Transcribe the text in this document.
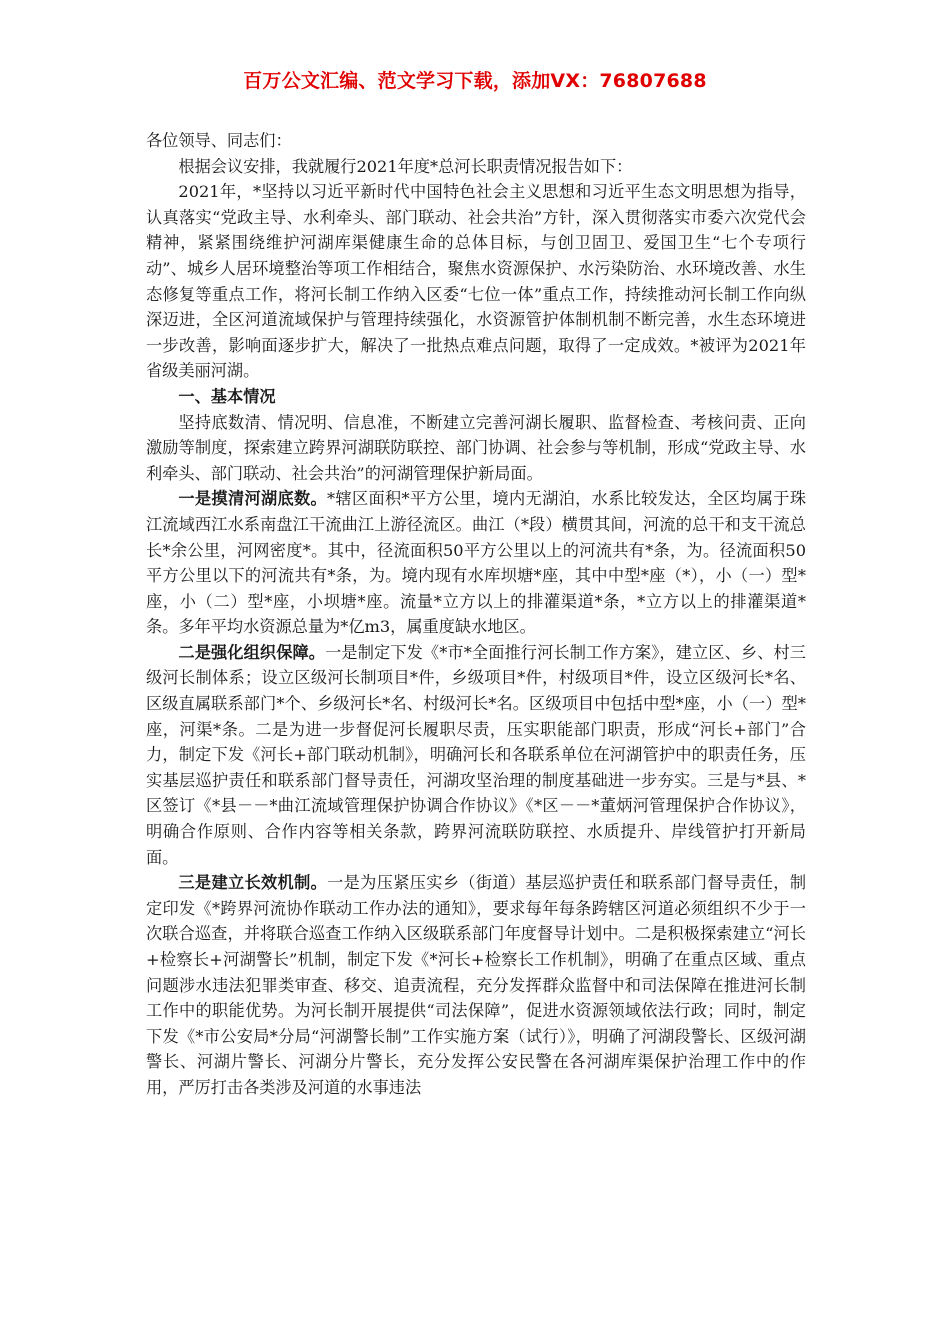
百万公文汇编、范文学习下载，添加VX：76807688

各位领导、同志们：

根据会议安排，我就履行2021年度*总河长职责情况报告如下：

2021年，*坚持以习近平新时代中国特色社会主义思想和习近平生态文明思想为指导，认真落实“党政主导、水利牵头、部门联动、社会共治”方针，深入贯彻落实市委六次党代会精神，紧紧围绕维护河湖库渠健康生命的总体目标，与创卫固卫、爱国卫生“七个专项行动”、城乡人居环境整治等项工作相结合，聚焦水资源保护、水污染防治、水环境改善、水生态修复等重点工作，将河长制工作纳入区委“七位一体”重点工作，持续推动河长制工作向纵深迈进，全区河道流域保护与管理持续强化，水资源管护体制机制不断完善，水生态环境进一步改善，影响面逐步扩大，解决了一批热点难点问题，取得了一定成效。*被评为2021年省级美丽河湖。

一、基本情况

坚持底数清、情况明、信息准，不断建立完善河湖长履职、监督检查、考核问责、正向激励等制度，探索建立跨界河湖联防联控、部门协调、社会参与等机制，形成“党政主导、水利牵头、部门联动、社会共治”的河湖管理保护新局面。

一是摸清河湖底数。*辖区面积*平方公里，境内无湖泊，水系比较发达，全区均属于珠江流域西江水系南盘江干流曲江上游径流区。曲江（*段）横贯其间，河流的总干和支干流总长*余公里，河网密度*。其中，径流面积50平方公里以上的河流共有*条，为。径流面积50平方公里以下的河流共有*条，为。境内现有水库坝塘*座，其中中型*座（*），小（一）型*座，小（二）型*座，小坝塘*座。流量*立方以上的排灌渠道*条，*立方以上的排灌渠道*条。多年平均水资源总量为*亿m3，属重度缺水地区。

二是强化组织保障。一是制定下发《*市*全面推行河长制工作方案》，建立区、乡、村三级河长制体系；设立区级河长制项目*件，乡级项目*件，村级项目*件，设立区级河长*名、区级直属联系部门*个、乡级河长*名、村级河长*名。区级项目中包括中型*座，小（一）型*座，河渠*条。二是为进一步督促河长履职尽责，压实职能部门职责，形成“河长+部门”合力，制定下发《河长+部门联动机制》，明确河长和各联系单位在河湖管护中的职责任务，压实基层巡护责任和联系部门督导责任，河湖攻坚治理的制度基础进一步夯实。三是与*县、*区签订《*县－－*曲江流域管理保护协调合作协议》《*区－－*董炳河管理保护合作协议》，明确合作原则、合作内容等相关条款，跨界河流联防联控、水质提升、岸线管护打开新局面。

三是建立长效机制。一是为压紧压实乡（街道）基层巡护责任和联系部门督导责任，制定印发《*跨界河流协作联动工作办法的通知》，要求每年每条跨辖区河道必须组织不少于一次联合巡查，并将联合巡查工作纳入区级联系部门年度督导计划中。二是积极探索建立“河长+检察长+河湖警长”机制，制定下发《*河长+检察长工作机制》，明确了在重点区域、重点问题涉水违法犯罪类审查、移交、追责流程，充分发挥群众监督中和司法保障在推进河长制工作中的职能优势。为河长制开展提供“司法保障”，促进水资源领域依法行政；同时，制定下发《*市公安局*分局“河湖警长制”工作实施方案（试行）》，明确了河湖段警长、区级河湖警长、河湖片警长、河湖分片警长，充分发挥公安民警在各河湖库渠保护治理工作中的作用，严厉打击各类涉及河道的水事违法
